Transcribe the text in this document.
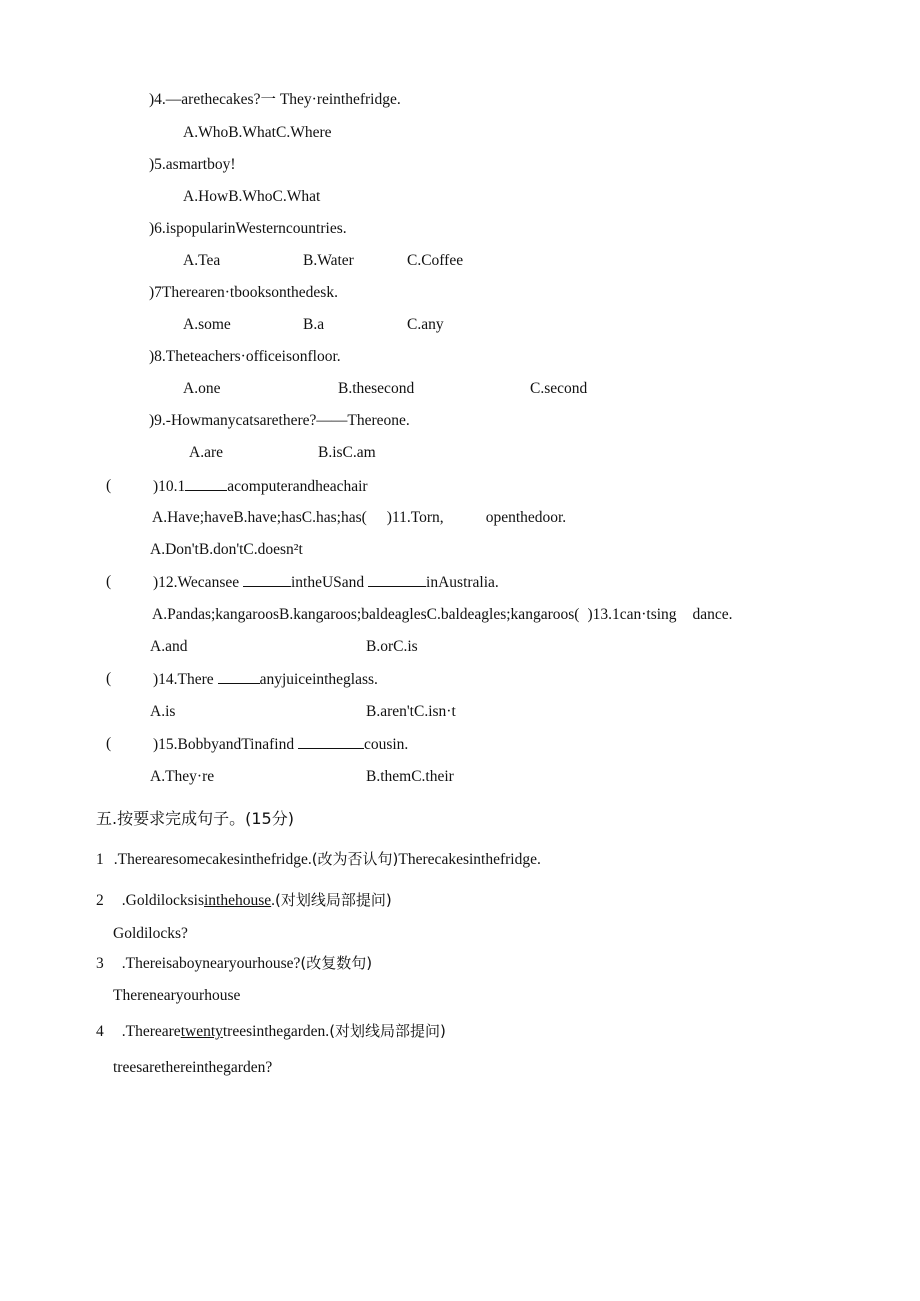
)4.—arethecakes?一 They·reinthefridge.
A.WhoB.WhatC.Where
)5.asmartboy!
A.HowB.WhoC.What
)6.ispopularinWesterncountries.
A.Tea	B.Water	C.Coffee
)7Therearen·tbooksonthedesk.
A.some	B.a	C.any
)8.Theteachers·officeisonfloor.
A.one	B.thesecond	C.second
)9.-Howmanycatsarethere?——Thereone.
A.are	B.isC.am
(	)10.1	acomputerandheachair
A.Have;haveB.have;hasC.has;has( )11.Torn,	openthedoor.
A.Don'tB.don'tC.doesn²t
(	)12.Wecansee	intheUSand	inAustralia.
A.Pandas;kangaroosB.kangaroos;baldeaglesC.baldeagles;kangaroos( )13.1can·tsing dance.
A.and	B.orC.is
(	)14.There	anyjuiceintheglass.
A.is	B.aren'tC.isn·t
(	)15.BobbyandTinafind	cousin.
A.They·re	B.themC.their
五.按要求完成句子。(15分)
1 .Therearesomecakesinthefridge.(改为否认句)Therecakesinthefridge.
2 .Goldilocksisinthehouse.(对划线局部提问)
Goldilocks?
3 .Thereisaboynearyourhouse?(改复数句)
Therenearyourhouse
4 .Therearetwentytreesinthegarden.(对划线局部提问)
treesarethereinthegarden?
